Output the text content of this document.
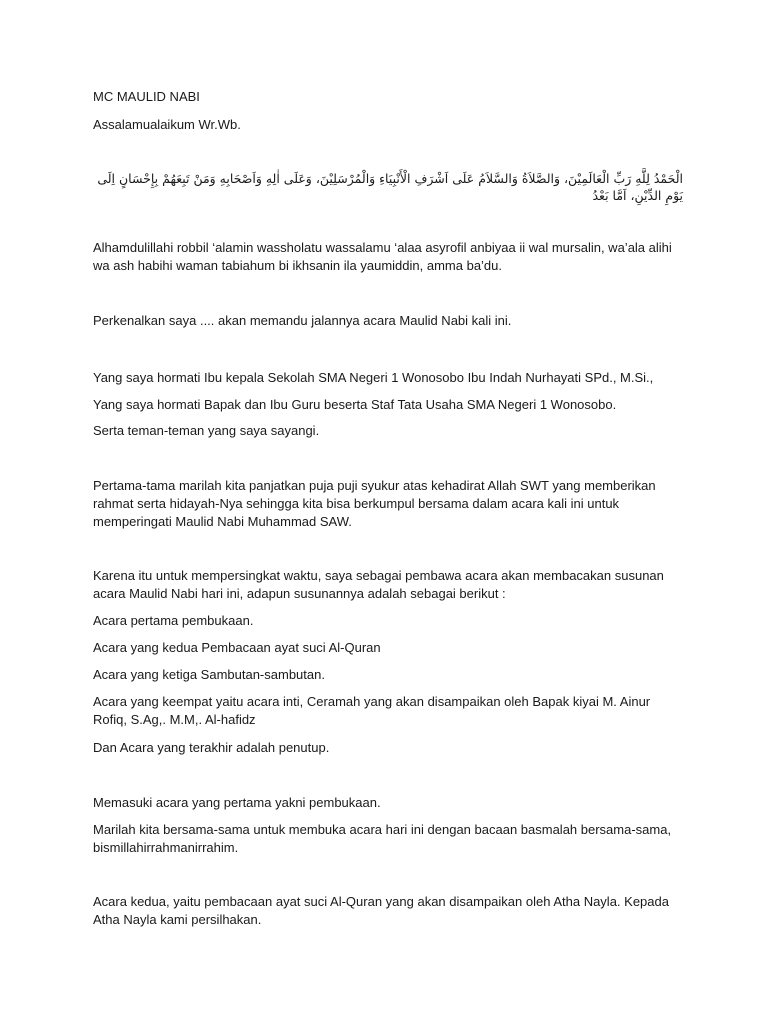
MC MAULID NABI

Assalamualaikum Wr.Wb.

الْحَمْدُ لِلَّهِ رَبِّ الْعَالَمِيْنَ، وَالصَّلاَةُ وَالسَّلاَمُ عَلَى اَشْرَفِ الْأَنْبِيَاءِ وَالْمُرْسَلِيْنَ، وَعَلَى اٰلِهِ وَاَصْحَابِهِ وَمَنْ تَبِعَهُمْ بِإِحْسَانٍ اِلَى يَوْمِ الدِّيْنِ، اَمَّا بَعْدُ

Alhamdulillahi robbil ‘alamin wassholatu wassalamu ‘alaa asyrofil anbiyaa ii wal mursalin, wa’ala alihi wa ash habihi waman tabiahum bi ikhsanin ila yaumiddin, amma ba’du.

Perkenalkan saya .... akan memandu jalannya acara Maulid Nabi kali ini.

Yang saya hormati Ibu kepala Sekolah SMA Negeri 1 Wonosobo Ibu Indah Nurhayati SPd., M.Si.,

Yang saya hormati Bapak dan Ibu Guru beserta Staf Tata Usaha SMA Negeri 1 Wonosobo.

Serta teman-teman yang saya sayangi.

Pertama-tama marilah kita panjatkan puja puji syukur atas kehadirat Allah SWT yang memberikan rahmat serta hidayah-Nya sehingga kita bisa berkumpul bersama dalam acara kali ini untuk memperingati Maulid Nabi Muhammad SAW.

Karena itu untuk mempersingkat waktu, saya sebagai pembawa acara akan membacakan susunan acara Maulid Nabi hari ini, adapun susunannya adalah sebagai berikut :

Acara pertama pembukaan.

Acara yang kedua Pembacaan ayat suci Al-Quran

Acara yang ketiga Sambutan-sambutan.

Acara yang keempat yaitu acara inti, Ceramah yang akan disampaikan oleh Bapak kiyai M. Ainur Rofiq, S.Ag,. M.M,. Al-hafidz

Dan Acara yang terakhir adalah penutup.

Memasuki acara yang pertama yakni pembukaan.

Marilah kita bersama-sama untuk membuka acara hari ini dengan bacaan basmalah bersama-sama, bismillahirrahmanirrahim.

Acara kedua, yaitu pembacaan ayat suci Al-Quran yang akan disampaikan oleh Atha Nayla. Kepada Atha Nayla kami persilhakan.
